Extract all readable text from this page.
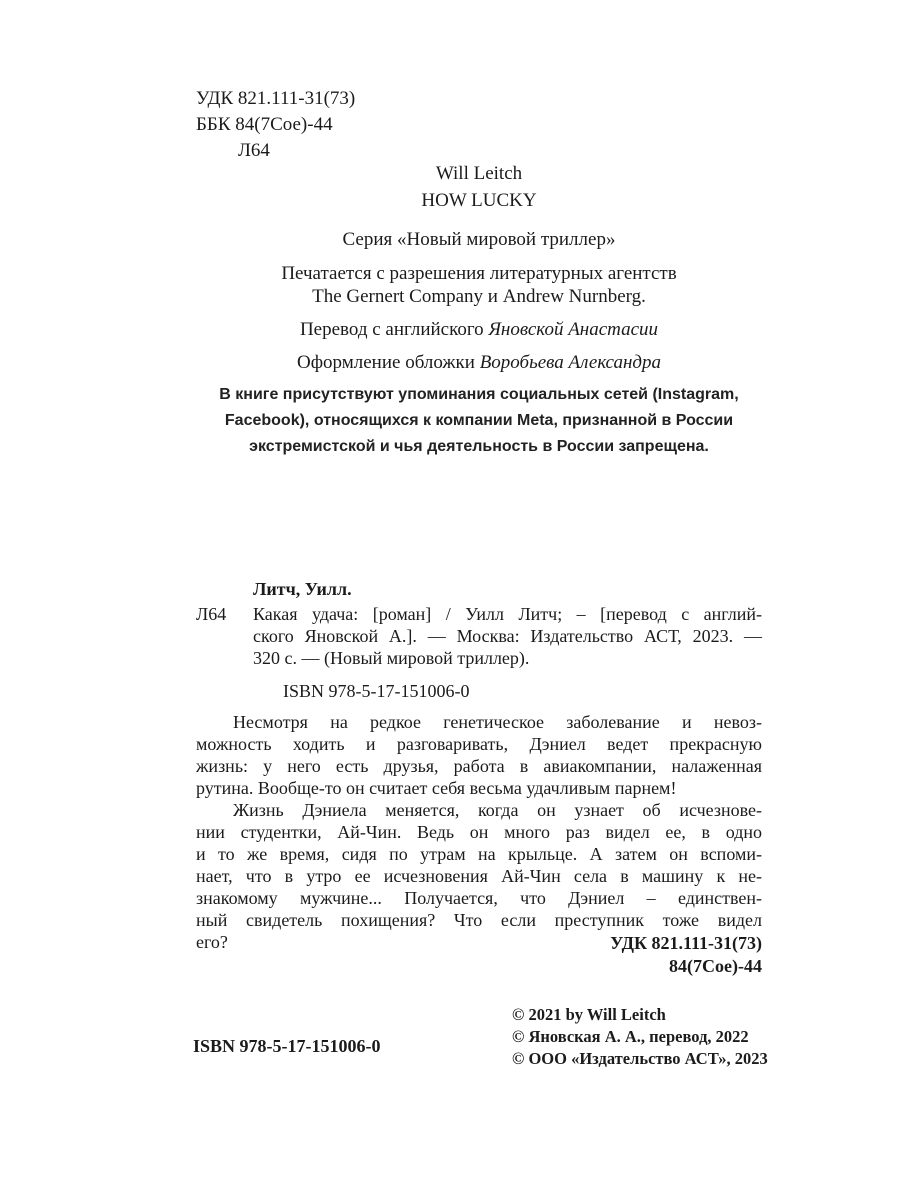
УДК 821.111-31(73)
ББК 84(7Сое)-44
Л64
Will Leitch
HOW LUCKY
Серия «Новый мировой триллер»
Печатается с разрешения литературных агентств
The Gernert Company и Andrew Nurnberg.
Перевод с английского Яновской Анастасии
Оформление обложки Воробьева Александра
В книге присутствуют упоминания социальных сетей (Instagram,
Facebook), относящихся к компании Meta, признанной в России
экстремистской и чья деятельность в России запрещена.
Литч, Уилл.
Л64 Какая удача: [роман] / Уилл Литч; – [перевод с англий-
ского Яновской А.]. — Москва: Издательство АСТ, 2023. —
320 с. — (Новый мировой триллер).
ISBN 978-5-17-151006-0
Несмотря на редкое генетическое заболевание и невоз-
можность ходить и разговаривать, Дэниел ведет прекрасную
жизнь: у него есть друзья, работа в авиакомпании, налаженная
рутина. Вообще-то он считает себя весьма удачливым парнем!
Жизнь Дэниела меняется, когда он узнает об исчезнове-
нии студентки, Ай-Чин. Ведь он много раз видел ее, в одно
и то же время, сидя по утрам на крыльце. А затем он вспоми-
нает, что в утро ее исчезновения Ай-Чин села в машину к не-
знакомому мужчине... Получается, что Дэниел – единствен-
ный свидетель похищения? Что если преступник тоже видел
его?	УДК 821.111-31(73)
84(7Сое)-44
ISBN 978-5-17-151006-0
© 2021 by Will Leitch
© Яновская А. А., перевод, 2022
© ООО «Издательство АСТ», 2023
